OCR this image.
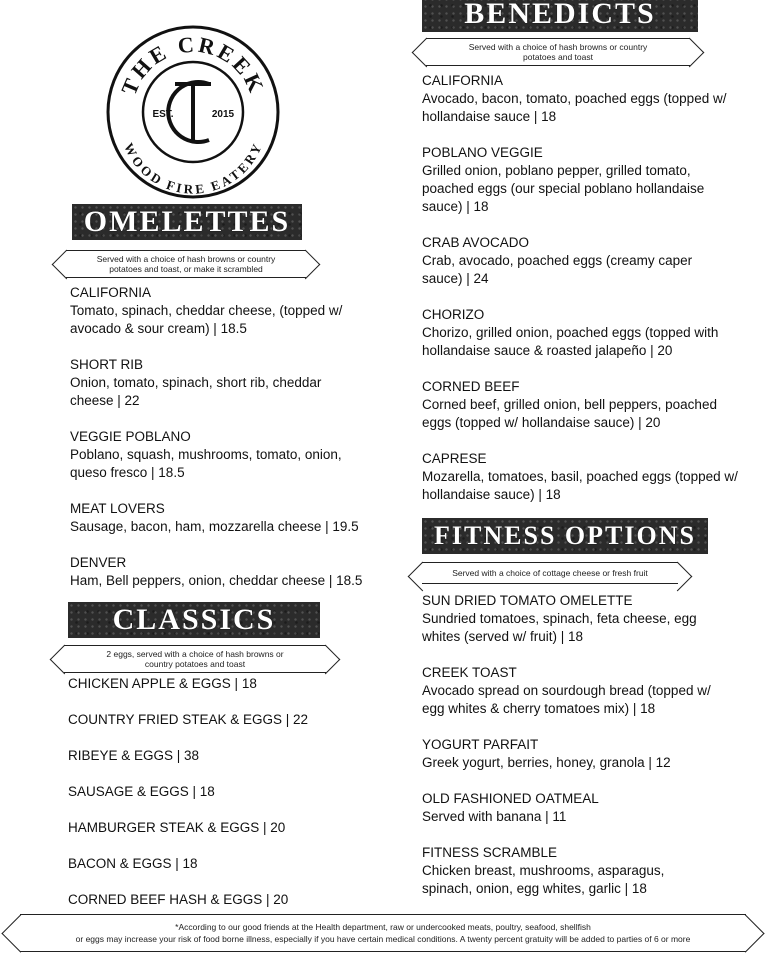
THE CREEK
WOOD FIRE EATERY
EST.	2015
OMELETTES
Served with a choice of hash browns or country
potatoes and toast, or make it scrambled
CALIFORNIA
Tomato, spinach, cheddar cheese, (topped w/ avocado & sour cream) | 18.5
SHORT RIB
Onion, tomato, spinach, short rib, cheddar cheese | 22
VEGGIE POBLANO
Poblano, squash, mushrooms, tomato, onion, queso fresco | 18.5
MEAT LOVERS
Sausage, bacon, ham, mozzarella cheese | 19.5
DENVER
Ham, Bell peppers, onion, cheddar cheese | 18.5
CLASSICS
2 eggs, served with a choice of hash browns or
country potatoes and toast
CHICKEN APPLE & EGGS | 18
COUNTRY FRIED STEAK & EGGS | 22
RIBEYE & EGGS | 38
SAUSAGE & EGGS | 18
HAMBURGER STEAK & EGGS | 20
BACON & EGGS | 18
CORNED BEEF HASH & EGGS | 20
BENEDICTS
Served with a choice of hash browns or country
potatoes and toast
CALIFORNIA
Avocado, bacon, tomato, poached eggs (topped w/ hollandaise sauce | 18
POBLANO VEGGIE
Grilled onion, poblano pepper, grilled tomato, poached eggs (our special poblano hollandaise sauce) | 18
CRAB AVOCADO
Crab, avocado, poached eggs (creamy caper sauce) | 24
CHORIZO
Chorizo, grilled onion, poached eggs (topped with hollandaise sauce & roasted jalapeño | 20
CORNED BEEF
Corned beef, grilled onion, bell peppers, poached eggs (topped w/ hollandaise sauce) | 20
CAPRESE
Mozarella, tomatoes, basil, poached eggs (topped w/ hollandaise sauce) | 18
FITNESS OPTIONS
Served with a choice of cottage cheese or fresh fruit
SUN DRIED TOMATO OMELETTE
Sundried tomatoes, spinach, feta cheese, egg whites (served w/ fruit) | 18
CREEK TOAST
Avocado spread on sourdough bread (topped w/ egg whites & cherry tomatoes mix) | 18
YOGURT PARFAIT
Greek yogurt, berries, honey, granola | 12
OLD FASHIONED OATMEAL
Served with banana | 11
FITNESS SCRAMBLE
Chicken breast, mushrooms, asparagus, spinach, onion, egg whites, garlic | 18
*According to our good friends at the Health department, raw or undercooked meats, poultry, seafood, shellfish
or eggs may increase your risk of food borne illness, especially if you have certain medical conditions. A twenty percent gratuity will be added to parties of 6 or more
